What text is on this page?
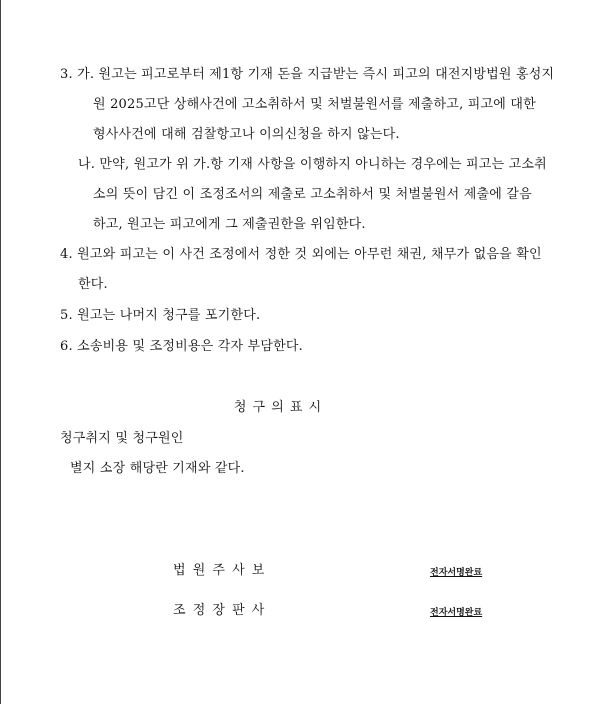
3. 가. 원고는 피고로부터 제1항 기재 돈을 지급받는 즉시 피고의 대전지방법원 홍성지
원 2025고단 상해사건에 고소취하서 및 처벌불원서를 제출하고, 피고에 대한
형사사건에 대해 검찰항고나 이의신청을 하지 않는다.
나. 만약, 원고가 위 가.항 기재 사항을 이행하지 아니하는 경우에는 피고는 고소취
소의 뜻이 담긴 이 조정조서의 제출로 고소취하서 및 처벌불원서 제출에 갈음
하고, 원고는 피고에게 그 제출권한을 위임한다.
4. 원고와 피고는 이 사건 조정에서 정한 것 외에는 아무런 채권, 채무가 없음을 확인
한다.
5. 원고는 나머지 청구를 포기한다.
6. 소송비용 및 조정비용은 각자 부담한다.
청 구 의 표 시
청구취지 및 청구원인
별지 소장 해당란 기재와 같다.
법 원 주 사 보	전자서명완료
조 정 장 판 사	전자서명완료
